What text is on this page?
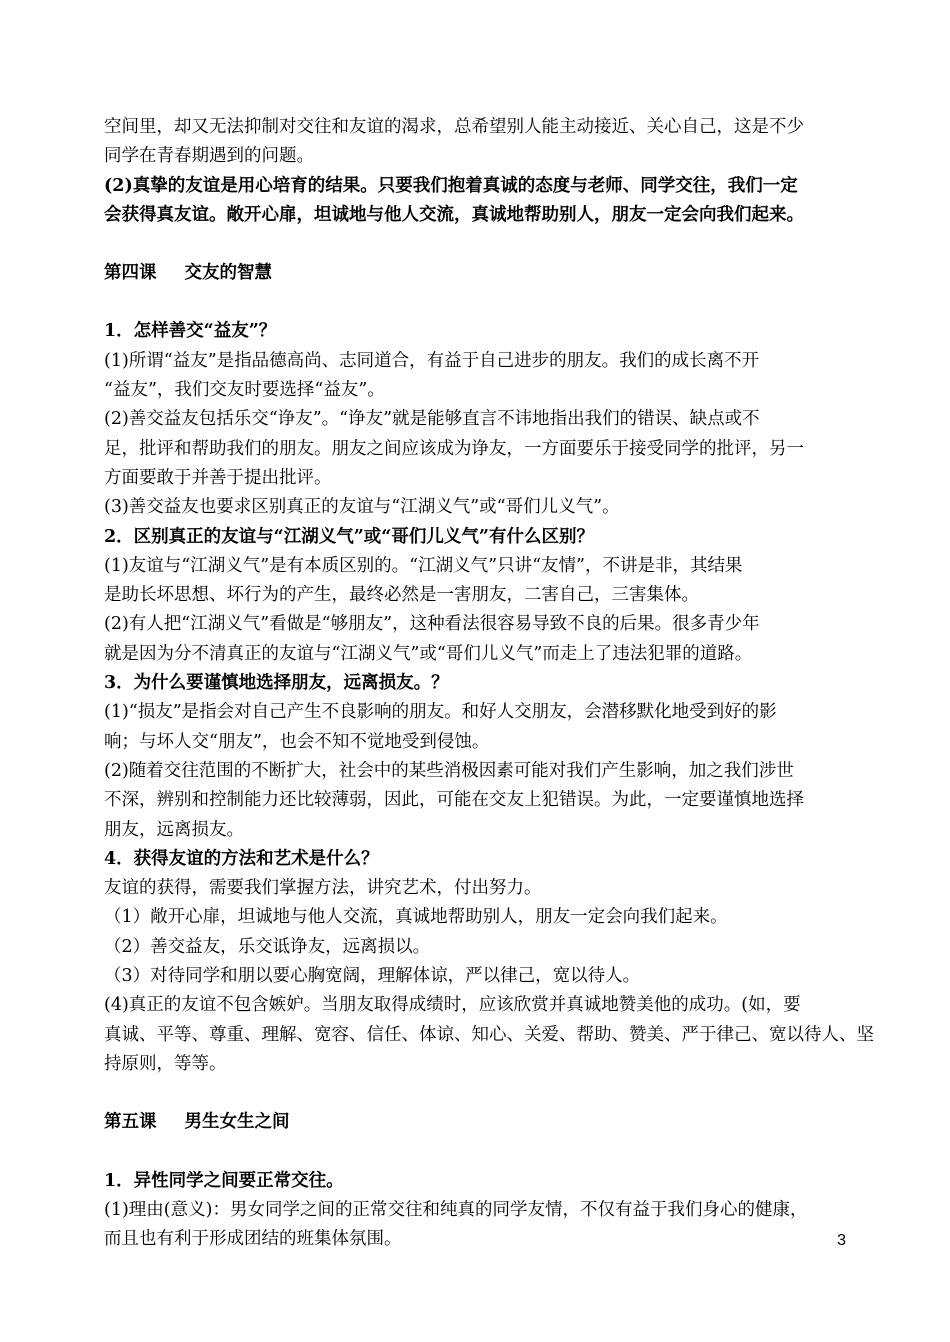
空间里，却又无法抑制对交往和友谊的渴求，总希望别人能主动接近、关心自己，这是不少
同学在青春期遇到的问题。
(2)真挚的友谊是用心培育的结果。只要我们抱着真诚的态度与老师、同学交往，我们一定
会获得真友谊。敞开心扉，坦诚地与他人交流，真诚地帮助别人，朋友一定会向我们起来。
第四课 交友的智慧
1．怎样善交“益友”？
(1)所谓“益友”是指品德高尚、志同道合，有益于自己进步的朋友。我们的成长离不开
“益友”，我们交友时要选择“益友”。
(2)善交益友包括乐交“诤友”。“诤友”就是能够直言不讳地指出我们的错误、缺点或不
足，批评和帮助我们的朋友。朋友之间应该成为诤友，一方面要乐于接受同学的批评，另一
方面要敢于并善于提出批评。
(3)善交益友也要求区别真正的友谊与“江湖义气”或“哥们儿义气”。
2．区别真正的友谊与“江湖义气”或“哥们儿义气”有什么区别？
(1)友谊与“江湖义气”是有本质区别的。“江湖义气”只讲“友情”，不讲是非，其结果
是助长坏思想、坏行为的产生，最终必然是一害朋友，二害自己，三害集体。
(2)有人把“江湖义气”看做是“够朋友”，这种看法很容易导致不良的后果。很多青少年
就是因为分不清真正的友谊与“江湖义气”或“哥们儿义气”而走上了违法犯罪的道路。
3．为什么要谨慎地选择朋友，远离损友。？
(1)“损友”是指会对自己产生不良影响的朋友。和好人交朋友，会潜移默化地受到好的影
响；与坏人交“朋友”，也会不知不觉地受到侵蚀。
(2)随着交往范围的不断扩大，社会中的某些消极因素可能对我们产生影响，加之我们涉世
不深，辨别和控制能力还比较薄弱，因此，可能在交友上犯错误。为此，一定要谨慎地选择
朋友，远离损友。
4．获得友谊的方法和艺术是什么？
友谊的获得，需要我们掌握方法，讲究艺术，付出努力。
（1）敞开心扉，坦诚地与他人交流，真诚地帮助别人，朋友一定会向我们起来。
（2）善交益友，乐交诋诤友，远离损以。
（3）对待同学和朋以要心胸宽阔，理解体谅，严以律己，宽以待人。
(4)真正的友谊不包含嫉妒。当朋友取得成绩时，应该欣赏并真诚地赞美他的成功。(如，要
真诚、平等、尊重、理解、宽容、信任、体谅、知心、关爱、帮助、赞美、严于律己、宽以待人、坚
持原则，等等。
第五课 男生女生之间
1．异性同学之间要正常交往。
(1)理由(意义)：男女同学之间的正常交往和纯真的同学友情，不仅有益于我们身心的健康，
而且也有利于形成团结的班集体氛围。	3
